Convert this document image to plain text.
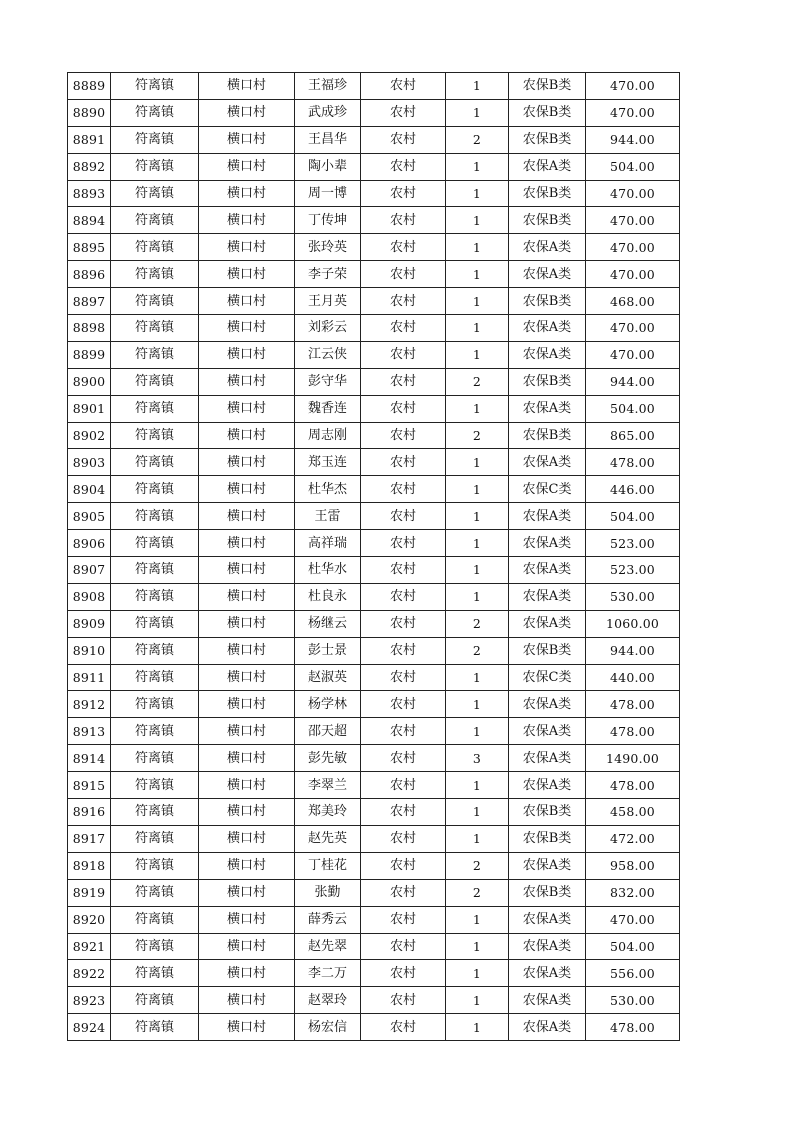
8889	符离镇	横口村	王福珍	农村	1	农保B类	470.00
8890	符离镇	横口村	武成珍	农村	1	农保B类	470.00
8891	符离镇	横口村	王昌华	农村	2	农保B类	944.00
8892	符离镇	横口村	陶小辈	农村	1	农保A类	504.00
8893	符离镇	横口村	周一博	农村	1	农保B类	470.00
8894	符离镇	横口村	丁传坤	农村	1	农保B类	470.00
8895	符离镇	横口村	张玲英	农村	1	农保A类	470.00
8896	符离镇	横口村	李子荣	农村	1	农保A类	470.00
8897	符离镇	横口村	王月英	农村	1	农保B类	468.00
8898	符离镇	横口村	刘彩云	农村	1	农保A类	470.00
8899	符离镇	横口村	江云侠	农村	1	农保A类	470.00
8900	符离镇	横口村	彭守华	农村	2	农保B类	944.00
8901	符离镇	横口村	魏香连	农村	1	农保A类	504.00
8902	符离镇	横口村	周志刚	农村	2	农保B类	865.00
8903	符离镇	横口村	郑玉连	农村	1	农保A类	478.00
8904	符离镇	横口村	杜华杰	农村	1	农保C类	446.00
8905	符离镇	横口村	王雷	农村	1	农保A类	504.00
8906	符离镇	横口村	高祥瑞	农村	1	农保A类	523.00
8907	符离镇	横口村	杜华水	农村	1	农保A类	523.00
8908	符离镇	横口村	杜良永	农村	1	农保A类	530.00
8909	符离镇	横口村	杨继云	农村	2	农保A类	1060.00
8910	符离镇	横口村	彭士景	农村	2	农保B类	944.00
8911	符离镇	横口村	赵淑英	农村	1	农保C类	440.00
8912	符离镇	横口村	杨学林	农村	1	农保A类	478.00
8913	符离镇	横口村	邵天超	农村	1	农保A类	478.00
8914	符离镇	横口村	彭先敏	农村	3	农保A类	1490.00
8915	符离镇	横口村	李翠兰	农村	1	农保A类	478.00
8916	符离镇	横口村	郑美玲	农村	1	农保B类	458.00
8917	符离镇	横口村	赵先英	农村	1	农保B类	472.00
8918	符离镇	横口村	丁桂花	农村	2	农保A类	958.00
8919	符离镇	横口村	张勤	农村	2	农保B类	832.00
8920	符离镇	横口村	薛秀云	农村	1	农保A类	470.00
8921	符离镇	横口村	赵先翠	农村	1	农保A类	504.00
8922	符离镇	横口村	李二万	农村	1	农保A类	556.00
8923	符离镇	横口村	赵翠玲	农村	1	农保A类	530.00
8924	符离镇	横口村	杨宏信	农村	1	农保A类	478.00
